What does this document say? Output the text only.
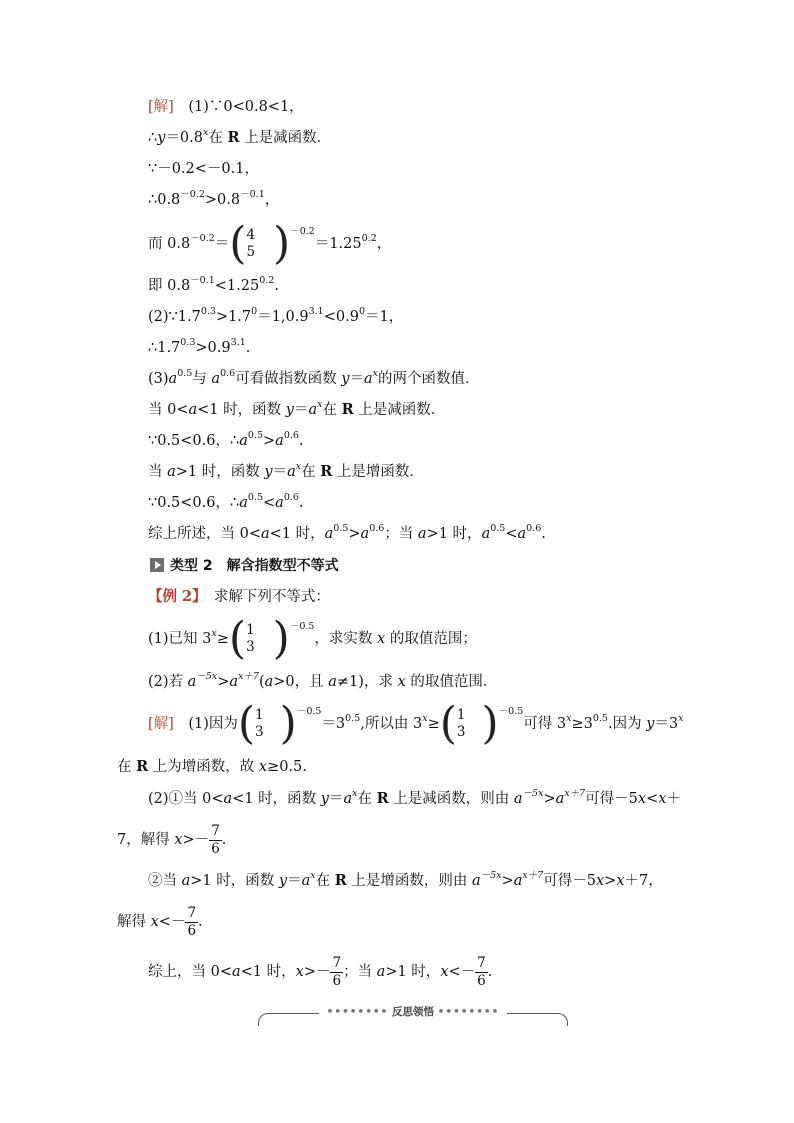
[解]　 (1)∵0<0.8<1，
$\therefore y=0.8^x$在 R 上是减函数．
∵－0.2<－0.1，
$\therefore 0.8^{-0.2}>0.8^{-0.1}$，
而 $0.8^{-0.2}=$( 4
5 )$^{-0.2}=1.25^{0.2}$，
即 $0.8^{-0.1}<1.25^{0.2}$.
$(2)\because 1.7^{0.3}>1.7^0=1,0.9^{3.1}<0.9^0=1$，
$\therefore 1.7^{0.3}>0.9^{3.1}$.
$(3)a^{0.5}$与 $a^{0.6}$可看做指数函数 $y=a^x$的两个函数值．
当 0<a<1 时，函数 $y=a^x$在 R 上是减函数．
∵0.5<0.6，$\therefore a^{0.5}>a^{0.6}$.
当 a>1 时，函数 $y=a^x$在 R 上是增函数．
∵0.5<0.6，$\therefore a^{0.5}<a^{0.6}$.
综上所述，当 0<a<1 时，$a^{0.5}>a^{0.6}$；当 a>1 时，$a^{0.5}<a^{0.6}$.
类型 2　 解含指数型不等式
【例 2】　 求解下列不等式：
(1)已知 $3^x\ge$( 1
3 )$^{-0.5}$，求实数 x 的取值范围；
(2)若 $a^{-5x}>a^{x+7}(a>0$，且 a≠1)，求 x 的取值范围．
[解]　 (1)因为( 1
3 )$^{-0.5}=3^{0.5}$,所以由 $3^x\ge$( 1
3 )$^{-0.5}$可得 $3^x\ge 3^{0.5}$.因为 $y=3^x$
在 R 上为增函数，故 x≥0.5.
(2)①当 0<a<1 时，函数 $y=a^x$在 R 上是减函数，则由 $a^{-5x}>a^{x+7}$可得－5x<x＋
7，解得 $x>- \frac{7}{6}$ .
②当 a>1 时，函数 $y=a^x$在 R 上是增函数，则由 $a^{-5x}>a^{x+7}$可得－5x>x＋7，
解得 $x<- \frac{7}{6}$ .
综上，当 0<a<1 时，$x>- \frac{7}{6}$ ；当 a>1 时，$x<- \frac{7}{6}$ .
•••••••• 反思领悟 ••••••••
